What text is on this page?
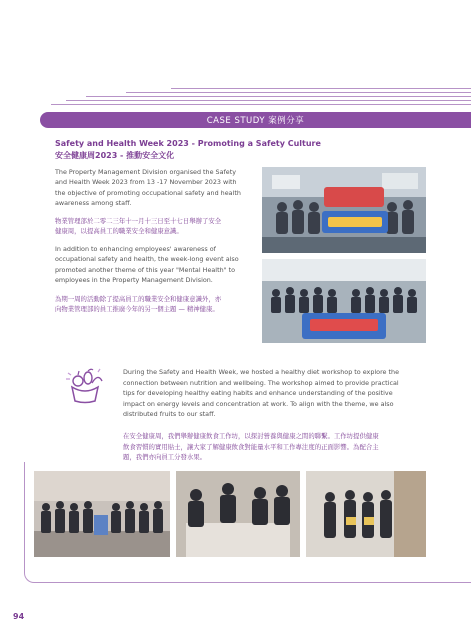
CASE STUDY 案例分享
Safety and Health Week 2023 - Promoting a Safety Culture
安全健康周2023 - 推動安全文化

The Property Management Division organised the Safety
and Health Week 2023 from 13 -17 November 2023 with
the objective of promoting occupational safety and health
awareness among staff.

物業管理部於二零二三年十一月十三日至十七日舉辦了安全
健康周，以提高員工的職業安全和健康意識。

In addition to enhancing employees' awareness of
occupational safety and health, the week-long event also
promoted another theme of this year "Mental Health" to
employees in the Property Management Division.

為期一周的活動除了提高員工的職業安全和健康意識外，亦
向物業管理部的員工推廣今年的另一個主題 — 精神健康。

During the Safety and Health Week, we hosted a healthy diet workshop to explore the
connection between nutrition and wellbeing. The workshop aimed to provide practical
tips for developing healthy eating habits and enhance understanding of the positive
impact on energy levels and concentration at work. To align with the theme, we also
distributed fruits to our staff.

在安全健康周，我們舉辦健康飲食工作坊，以探討營養與健康之間的聯繫。工作坊提供健康
飲食習慣的實用貼士，讓大家了解健康飲食對能量水平和工作專注度的正面影響。為配合主
題，我們亦向員工分發水果。

94
